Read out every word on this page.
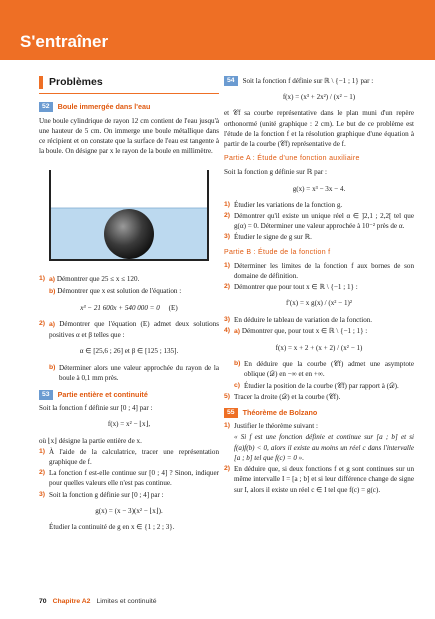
S'entraîner
Problèmes
52	Boule immergée dans l'eau

Une boule cylindrique de rayon 12 cm contient de l'eau jusqu'à une hauteur de 5 cm. On immerge une boule métallique dans ce récipient et on constate que la surface de l'eau est tangente à la boule. On désigne par x le rayon de la boule en millimètre.

1) a) Démontrer que 25 ≤ x ≤ 120.
b) Démontrer que x est solution de l'équation :
x³ − 21 600x + 540 000 = 0 (E)
2) a) Démontrer que l'équation (E) admet deux solutions positives α et β telles que :
α ∈ [25,6 ; 26] et β ∈ [125 ; 135].
b) Déterminer alors une valeur approchée du rayon de la boule à 0,1 mm près.
53	Partie entière et continuité

Soit la fonction f définie sur [0 ; 4] par :

f(x) = x² − ⌊x⌋,

où ⌊x⌋ désigne la partie entière de x.

1) À l'aide de la calculatrice, tracer une représentation graphique de f.
2) La fonction f est-elle continue sur [0 ; 4] ? Sinon, indiquer pour quelles valeurs elle n'est pas continue.
3) Soit la fonction g définie sur [0 ; 4] par :
g(x) = (x − 3)(x² − ⌊x⌋).

Étudier la continuité de g en x ∈ {1 ; 2 ; 3}.

54	Soit la fonction f définie sur ℝ \ {−1 ; 1} par :
f(x) = (x³ + 2x²) / (x² − 1)

et 𝒞f sa courbe représentative dans le plan muni d'un repère orthonormé (unité graphique : 2 cm). Le but de ce problème est l'étude de la fonction f et la résolution graphique d'une équation à partir de la courbe (𝒞f) représentative de f.

Partie A : Étude d'une fonction auxiliaire

Soit la fonction g définie sur ℝ par :

g(x) = x³ − 3x − 4.
1) Étudier les variations de la fonction g.
2) Démontrer qu'il existe un unique réel α ∈ ]2,1 ; 2,2[ tel que g(α) = 0. Déterminer une valeur approchée à 10⁻² près de α.
3) Étudier le signe de g sur ℝ.
Partie B : Étude de la fonction f
1) Déterminer les limites de la fonction f aux bornes de son domaine de définition.
2) Démontrer que pour tout x ∈ ℝ \ {−1 ; 1} :
f′(x) = x g(x) / (x² − 1)²
3) En déduire le tableau de variation de la fonction.
4) a) Démontrer que, pour tout x ∈ ℝ \ {−1 ; 1} :
f(x) = x + 2 + (x + 2) / (x² − 1)
b) En déduire que la courbe (𝒞f) admet une asymptote oblique (𝒟) en −∞ et en +∞.
c) Étudier la position de la courbe (𝒞f) par rapport à (𝒟).
5) Tracer la droite (𝒟) et la courbe (𝒞f).
55	Théorème de Bolzano
1) Justifier le théorème suivant :

« Si f est une fonction définie et continue sur [a ; b] et si f(a)f(b) < 0, alors il existe au moins un réel c dans l'intervalle [a ; b] tel que f(c) = 0 ».

2) En déduire que, si deux fonctions f et g sont continues sur un même intervalle I = [a ; b] et si leur différence change de signe sur I, alors il existe un réel c ∈ I tel que f(c) = g(c).
70 Chapitre A2 Limites et continuité
